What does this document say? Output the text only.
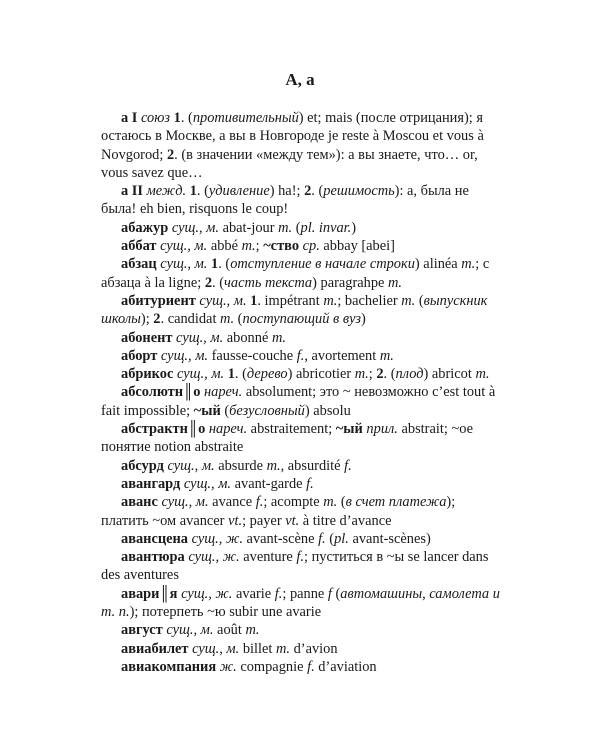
А, а

а I союз 1. (противительный) et; mais (после отрицания); я остаюсь в Москве, а вы в Новгороде je reste à Moscou et vous à Novgorod; 2. (в значении «между тем»): а вы знаете, что… or, vous savez que…

а II межд. 1. (удивление) ha!; 2. (решимость): а, была не была! eh bien, risquons le coup!

абажур сущ., м. abat-jour m. (pl. invar.)

аббат сущ., м. abbé m.; ~ство ср. abbay [abei]

абзац сущ., м. 1. (отступление в начале строки) alinéa m.; с абзаца à la ligne; 2. (часть текста) paragrahpe m.

абитуриент сущ., м. 1. impétrant m.; bachelier m. (выпускник школы); 2. candidat m. (поступающий в вуз)

абонент сущ., м. abonné m.

аборт сущ., м. fausse-couche f., avortement m.

абрикос сущ., м. 1. (дерево) abricotier m.; 2. (плод) abricot m.

абсолютн║о нареч. absolument; это ~ невозможно c’est tout à fait impossible; ~ый (безусловный) absolu

абстрактн║о нареч. abstraitement; ~ый прил. abstrait; ~ое понятие notion abstraite

абсурд сущ., м. absurde m., absurdité f.

авангард сущ., м. avant-garde f.

аванс сущ., м. avance f.; acompte m. (в счет платежа); платить ~ом avancer vt.; payer vt. à titre d’avance

авансцена сущ., ж. avant-scène f. (pl. avant-scènes)

авантюра сущ., ж. aventure f.; пуститься в ~ы se lancer dans des aventures

авари║я сущ., ж. avarie f.; panne f (автомашины, самолета и т. п.); потерпеть ~ю subir une avarie

август сущ., м. août m.

авиабилет сущ., м. billet m. d’avion

авиакомпания ж. compagnie f. d’aviation
